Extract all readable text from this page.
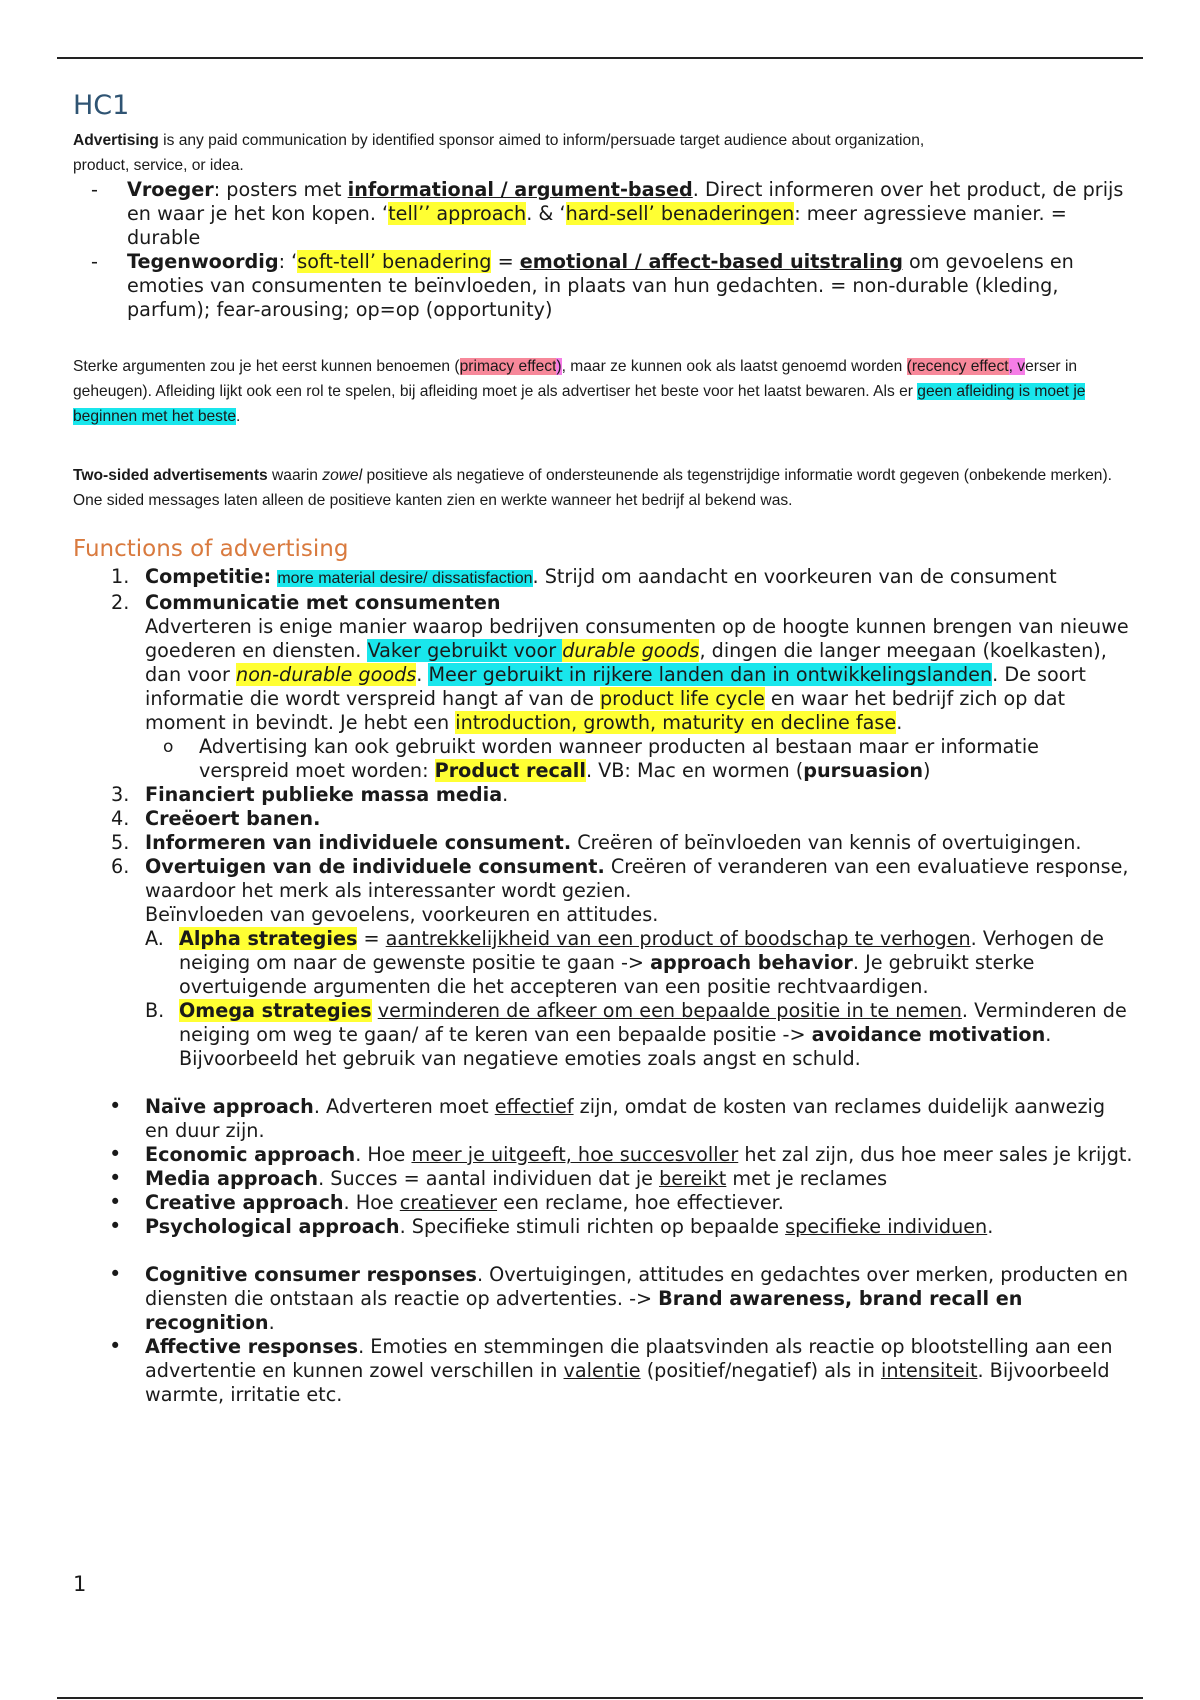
HC1

Advertising is any paid communication by identified sponsor aimed to inform/persuade target audience about organization,
product, service, or idea.

- Vroeger: posters met informational / argument-based. Direct informeren over het product, de prijs en waar je het kon kopen. ‘tell’’ approach. & ‘hard-sell’ benaderingen: meer agressieve manier. = durable
- Tegenwoordig: ‘soft-tell’ benadering = emotional / affect-based uitstraling om gevoelens en emoties van consumenten te beïnvloeden, in plaats van hun gedachten. = non-durable (kleding, parfum); fear-arousing; op=op (opportunity)

Sterke argumenten zou je het eerst kunnen benoemen (primacy effect), maar ze kunnen ook als laatst genoemd worden (recency effect, verser in geheugen). Afleiding lijkt ook een rol te spelen, bij afleiding moet je als advertiser het beste voor het laatst bewaren. Als er geen afleiding is moet je beginnen met het beste.

Two-sided advertisements waarin zowel positieve als negatieve of ondersteunende als tegenstrijdige informatie wordt gegeven (onbekende merken). One sided messages laten alleen de positieve kanten zien en werkte wanneer het bedrijf al bekend was.

Functions of advertising
1. Competitie: more material desire/ dissatisfaction. Strijd om aandacht en voorkeuren van de consument
2. Communicatie met consumenten
Adverteren is enige manier waarop bedrijven consumenten op de hoogte kunnen brengen van nieuwe goederen en diensten. Vaker gebruikt voor durable goods, dingen die langer meegaan (koelkasten), dan voor non-durable goods. Meer gebruikt in rijkere landen dan in ontwikkelingslanden. De soort informatie die wordt verspreid hangt af van de product life cycle en waar het bedrijf zich op dat moment in bevindt. Je hebt een introduction, growth, maturity en decline fase.
o Advertising kan ook gebruikt worden wanneer producten al bestaan maar er informatie verspreid moet worden: Product recall. VB: Mac en wormen (pursuasion)
3. Financiert publieke massa media.
4. Creëoert banen.
5. Informeren van individuele consument. Creëren of beïnvloeden van kennis of overtuigingen.
6. Overtuigen van de individuele consument. Creëren of veranderen van een evaluatieve response, waardoor het merk als interessanter wordt gezien.
Beïnvloeden van gevoelens, voorkeuren en attitudes.
A. Alpha strategies = aantrekkelijkheid van een product of boodschap te verhogen. Verhogen de neiging om naar de gewenste positie te gaan -> approach behavior. Je gebruikt sterke overtuigende argumenten die het accepteren van een positie rechtvaardigen.
B. Omega strategies verminderen de afkeer om een bepaalde positie in te nemen. Verminderen de neiging om weg te gaan/ af te keren van een bepaalde positie -> avoidance motivation. Bijvoorbeeld het gebruik van negatieve emoties zoals angst en schuld.
• Naïve approach. Adverteren moet effectief zijn, omdat de kosten van reclames duidelijk aanwezig en duur zijn.
• Economic approach. Hoe meer je uitgeeft, hoe succesvoller het zal zijn, dus hoe meer sales je krijgt.
• Media approach. Succes = aantal individuen dat je bereikt met je reclames
• Creative approach. Hoe creatiever een reclame, hoe effectiever.
• Psychological approach. Specifieke stimuli richten op bepaalde specifieke individuen.
• Cognitive consumer responses. Overtuigingen, attitudes en gedachtes over merken, producten en diensten die ontstaan als reactie op advertenties. -> Brand awareness, brand recall en recognition.
• Affective responses. Emoties en stemmingen die plaatsvinden als reactie op blootstelling aan een advertentie en kunnen zowel verschillen in valentie (positief/negatief) als in intensiteit. Bijvoorbeeld warmte, irritatie etc.
1
